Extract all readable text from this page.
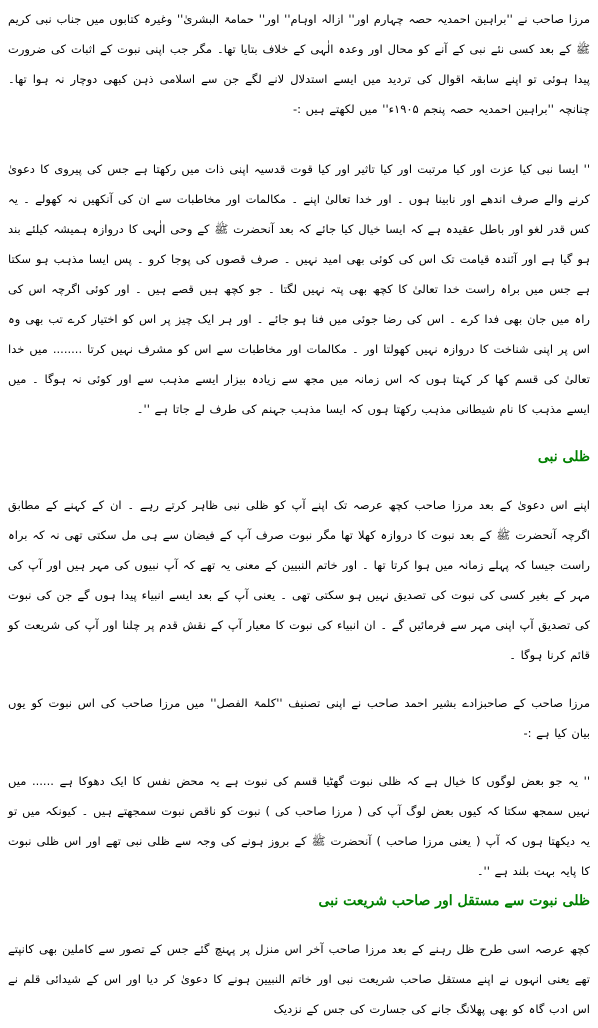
مرزا صاحب نے ''براہین احمدیہ حصہ چہارم اور'' ازالہ اوہام'' اور'' حمامۃ البشریٰ'' وغیرہ کتابوں میں جناب نبی کریم ﷺ کے بعد کسی نئے نبی کے آنے کو محال اور وعدہ الٰہی کے خلاف بتایا تھا۔ مگر جب اپنی نبوت کے اثبات کی ضرورت پیدا ہوئی تو اپنے سابقہ اقوال کی تردید میں ایسے استدلال لانے لگے جن سے اسلامی ذہن کبھی دوچار نہ ہوا تھا۔ چنانچہ ''براہین احمدیہ حصہ پنجم ۱۹۰۵ء'' میں لکھتے ہیں :-

'' ایسا نبی کیا عزت اور کیا مرتبت اور کیا تاثیر اور کیا قوت قدسیہ اپنی ذات میں رکھتا ہے جس کی پیروی کا دعویٰ کرنے والے صرف اندھے اور نابینا ہوں ۔ اور خدا تعالیٰ اپنے ۔ مکالمات اور مخاطبات سے ان کی آنکھیں نہ کھولے ۔ یہ کس قدر لغو اور باطل عقیدہ ہے کہ ایسا خیال کیا جائے کہ بعد آنحضرت ﷺ کے وحی الٰہی کا دروازہ ہمیشہ کیلئے بند ہو گیا ہے اور آئندہ قیامت تک اس کی کوئی بھی امید نہیں ۔ صرف قصوں کی پوجا کرو ۔ پس ایسا مذہب ہو سکتا ہے جس میں براہ راست خدا تعالیٰ کا کچھ بھی پتہ نہیں لگتا ۔ جو کچھ ہیں قصے ہیں ۔ اور کوئی اگرچہ اس کی راہ میں جان بھی فدا کرے ۔ اس کی رضا جوئی میں فنا ہو جائے ۔ اور ہر ایک چیز پر اس کو اختیار کرے تب بھی وہ اس پر اپنی شناخت کا دروازہ نہیں کھولتا اور ۔ مکالمات اور مخاطبات سے اس کو مشرف نہیں کرتا ........ میں خدا تعالیٰ کی قسم کھا کر کہتا ہوں کہ اس زمانہ میں مجھ سے زیادہ بیزار ایسے مذہب سے اور کوئی نہ ہوگا ۔ میں ایسے مذہب کا نام شیطانی مذہب رکھتا ہوں کہ ایسا مذہب جہنم کی طرف لے جاتا ہے ''۔

ظلی نبی

اپنے اس دعویٰ کے بعد مرزا صاحب کچھ عرصہ تک اپنے آپ کو ظلی نبی ظاہر کرتے رہے ۔ ان کے کہنے کے مطابق اگرچہ آنحضرت ﷺ کے بعد نبوت کا دروازہ کھلا تھا مگر نبوت صرف آپ کے فیضان سے ہی مل سکتی تھی نہ کہ براہ راست جیسا کہ پہلے زمانہ میں ہوا کرتا تھا ۔ اور خاتم النبیین کے معنی یہ تھے کہ آپ نبیوں کی مہر ہیں اور آپ کی مہر کے بغیر کسی کی نبوت کی تصدیق نہیں ہو سکتی تھی ۔ یعنی آپ کے بعد ایسے انبیاء پیدا ہوں گے جن کی نبوت کی تصدیق آپ اپنی مہر سے فرمائیں گے ۔ ان انبیاء کی نبوت کا معیار آپ کے نقش قدم پر چلنا اور آپ کی شریعت کو قائم کرنا ہوگا ۔

مرزا صاحب کے صاحبزادے بشیر احمد صاحب نے اپنی تصنیف ''کلمۃ الفصل'' میں مرزا صاحب کی اس نبوت کو یوں بیان کیا ہے :-

'' یہ جو بعض لوگوں کا خیال ہے کہ ظلی نبوت گھٹیا قسم کی نبوت ہے یہ محض نفس کا ایک دھوکا ہے ...... میں نہیں سمجھ سکتا کہ کیوں بعض لوگ آپ کی ( مرزا صاحب کی ) نبوت کو ناقص نبوت سمجھتے ہیں ۔ کیونکہ میں تو یہ دیکھتا ہوں کہ آپ ( یعنی مرزا صاحب ) آنحضرت ﷺ کے بروز ہونے کی وجہ سے ظلی نبی تھے اور اس ظلی نبوت کا پایہ بہت بلند ہے ''۔

ظلی نبوت سے مستقل اور صاحب شریعت نبی

کچھ عرصہ اسی طرح ظل رہنے کے بعد مرزا صاحب آخر اس منزل پر پہنچ گئے جس کے تصور سے کاملین بھی کانپتے تھے یعنی انہوں نے اپنے مستقل صاحب شریعت نبی اور خاتم النبیین ہونے کا دعویٰ کر دیا اور اس کے شیدائی قلم نے اس ادب گاہ کو بھی پھلانگ جانے کی جسارت کی جس کے نزدیک
